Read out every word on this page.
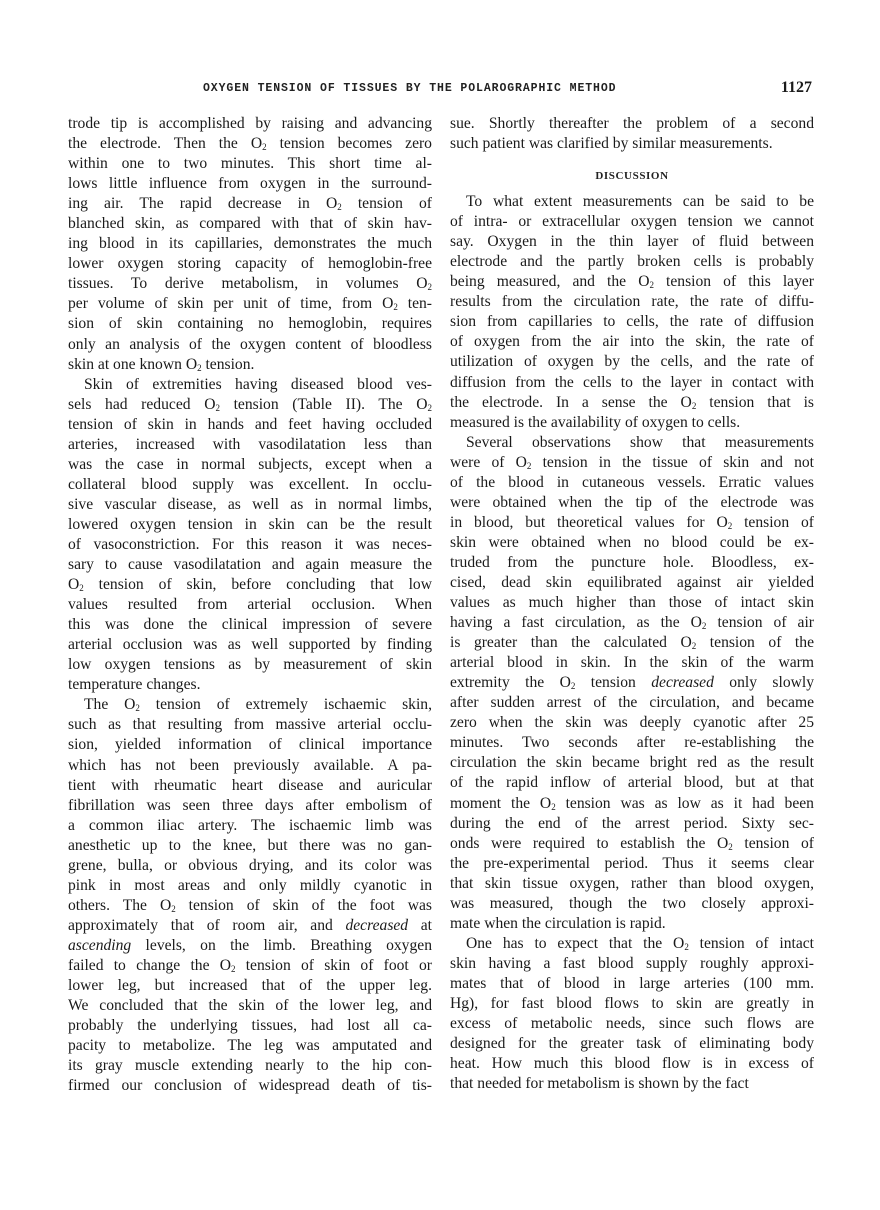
OXYGEN TENSION OF TISSUES BY THE POLAROGRAPHIC METHOD	1127
trode tip is accomplished by raising and advancing
the electrode. Then the $O_2$ tension becomes zero
within one to two minutes. This short time al-
lows little influence from oxygen in the surround-
ing air. The rapid decrease in $O_2$ tension of
blanched skin, as compared with that of skin hav-
ing blood in its capillaries, demonstrates the much
lower oxygen storing capacity of hemoglobin-free
tissues. To derive metabolism, in volumes $O_2$
per volume of skin per unit of time, from $O_2$ ten-
sion of skin containing no hemoglobin, requires
only an analysis of the oxygen content of bloodless
skin at one known $O_2$ tension.
Skin of extremities having diseased blood ves-
sels had reduced $O_2$ tension (Table II). The $O_2$
tension of skin in hands and feet having occluded
arteries, increased with vasodilatation less than
was the case in normal subjects, except when a
collateral blood supply was excellent. In occlu-
sive vascular disease, as well as in normal limbs,
lowered oxygen tension in skin can be the result
of vasoconstriction. For this reason it was neces-
sary to cause vasodilatation and again measure the
$O_2$ tension of skin, before concluding that low
values resulted from arterial occlusion. When
this was done the clinical impression of severe
arterial occlusion was as well supported by finding
low oxygen tensions as by measurement of skin
temperature changes.
The $O_2$ tension of extremely ischaemic skin,
such as that resulting from massive arterial occlu-
sion, yielded information of clinical importance
which has not been previously available. A pa-
tient with rheumatic heart disease and auricular
fibrillation was seen three days after embolism of
a common iliac artery. The ischaemic limb was
anesthetic up to the knee, but there was no gan-
grene, bulla, or obvious drying, and its color was
pink in most areas and only mildly cyanotic in
others. The $O_2$ tension of skin of the foot was
approximately that of room air, and decreased at
ascending levels, on the limb. Breathing oxygen
failed to change the $O_2$ tension of skin of foot or
lower leg, but increased that of the upper leg.
We concluded that the skin of the lower leg, and
probably the underlying tissues, had lost all ca-
pacity to metabolize. The leg was amputated and
its gray muscle extending nearly to the hip con-
firmed our conclusion of widespread death of tis-
sue. Shortly thereafter the problem of a second
such patient was clarified by similar measurements.
DISCUSSION
To what extent measurements can be said to be
of intra- or extracellular oxygen tension we cannot
say. Oxygen in the thin layer of fluid between
electrode and the partly broken cells is probably
being measured, and the $O_2$ tension of this layer
results from the circulation rate, the rate of diffu-
sion from capillaries to cells, the rate of diffusion
of oxygen from the air into the skin, the rate of
utilization of oxygen by the cells, and the rate of
diffusion from the cells to the layer in contact with
the electrode. In a sense the $O_2$ tension that is
measured is the availability of oxygen to cells.
Several observations show that measurements
were of $O_2$ tension in the tissue of skin and not
of the blood in cutaneous vessels. Erratic values
were obtained when the tip of the electrode was
in blood, but theoretical values for $O_2$ tension of
skin were obtained when no blood could be ex-
truded from the puncture hole. Bloodless, ex-
cised, dead skin equilibrated against air yielded
values as much higher than those of intact skin
having a fast circulation, as the $O_2$ tension of air
is greater than the calculated $O_2$ tension of the
arterial blood in skin. In the skin of the warm
extremity the $O_2$ tension decreased only slowly
after sudden arrest of the circulation, and became
zero when the skin was deeply cyanotic after 25
minutes. Two seconds after re-establishing the
circulation the skin became bright red as the result
of the rapid inflow of arterial blood, but at that
moment the $O_2$ tension was as low as it had been
during the end of the arrest period. Sixty sec-
onds were required to establish the $O_2$ tension of
the pre-experimental period. Thus it seems clear
that skin tissue oxygen, rather than blood oxygen,
was measured, though the two closely approxi-
mate when the circulation is rapid.
One has to expect that the $O_2$ tension of intact
skin having a fast blood supply roughly approxi-
mates that of blood in large arteries (100 mm.
Hg), for fast blood flows to skin are greatly in
excess of metabolic needs, since such flows are
designed for the greater task of eliminating body
heat. How much this blood flow is in excess of
that needed for metabolism is shown by the fact
